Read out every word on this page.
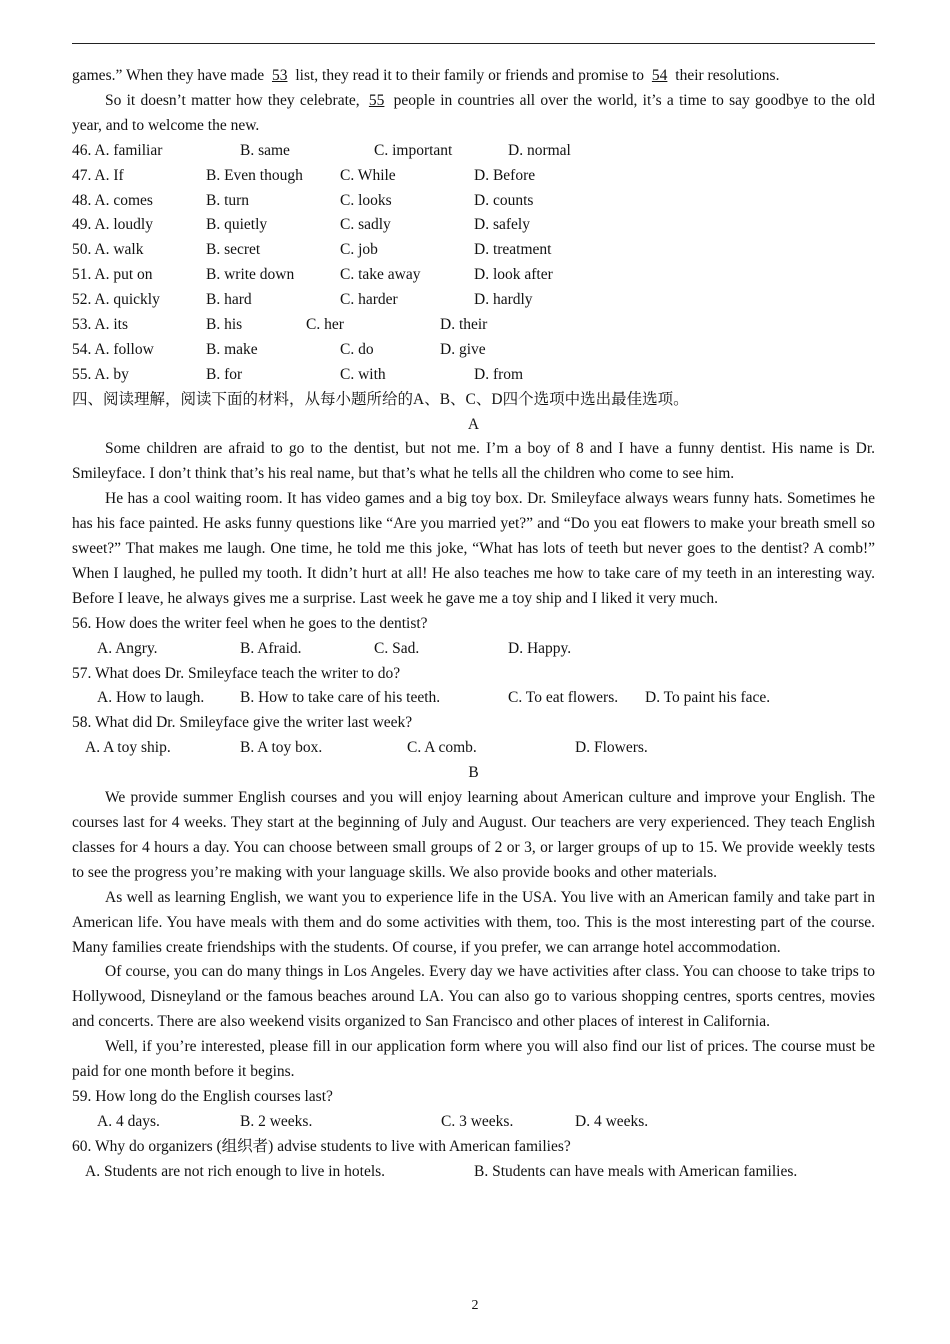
games.” When they have made 53 list, they read it to their family or friends and promise to 54 their resolutions.

So it doesn’t matter how they celebrate, 55 people in countries all over the world, it’s a time to say goodbye to the old year, and to welcome the new.

46. A. familiar	B. same	C. important	D. normal
47. A. If	B. Even though	C. While	D. Before
48. A. comes	B. turn	C. looks	D. counts
49. A. loudly	B. quietly	C. sadly	D. safely
50. A. walk	B. secret	C. job	D. treatment
51. A. put on	B. write down	C. take away	D. look after
52. A. quickly	B. hard	C. harder	D. hardly
53. A. its	B. his	C. her	D. their
54. A. follow	B. make	C. do	D. give
55. A. by	B. for	C. with	D. from

四、阅读理解，阅读下面的材料，从每小题所给的A、B、C、D四个选项中选出最佳选项。

A

Some children are afraid to go to the dentist, but not me. I’m a boy of 8 and I have a funny dentist. His name is Dr. Smileyface. I don’t think that’s his real name, but that’s what he tells all the children who come to see him.

He has a cool waiting room. It has video games and a big toy box. Dr. Smileyface always wears funny hats. Sometimes he has his face painted. He asks funny questions like “Are you married yet?” and “Do you eat flowers to make your breath smell so sweet?” That makes me laugh. One time, he told me this joke, “What has lots of teeth but never goes to the dentist? A comb!” When I laughed, he pulled my tooth. It didn’t hurt at all! He also teaches me how to take care of my teeth in an interesting way. Before I leave, he always gives me a surprise. Last week he gave me a toy ship and I liked it very much.

56. How does the writer feel when he goes to the dentist?

A. Angry.	B. Afraid.	C. Sad.	D. Happy.

57. What does Dr. Smileyface teach the writer to do?

A. How to laugh.	B. How to take care of his teeth.	C. To eat flowers.	D. To paint his face.

58. What did Dr. Smileyface give the writer last week?

A. A toy ship.	B. A toy box.	C. A comb.	D. Flowers.

B

We provide summer English courses and you will enjoy learning about American culture and improve your English. The courses last for 4 weeks. They start at the beginning of July and August. Our teachers are very experienced. They teach English classes for 4 hours a day. You can choose between small groups of 2 or 3, or larger groups of up to 15. We provide weekly tests to see the progress you’re making with your language skills. We also provide books and other materials.

As well as learning English, we want you to experience life in the USA. You live with an American family and take part in American life. You have meals with them and do some activities with them, too. This is the most interesting part of the course. Many families create friendships with the students. Of course, if you prefer, we can arrange hotel accommodation.

Of course, you can do many things in Los Angeles. Every day we have activities after class. You can choose to take trips to Hollywood, Disneyland or the famous beaches around LA. You can also go to various shopping centres, sports centres, movies and concerts. There are also weekend visits organized to San Francisco and other places of interest in California.

Well, if you’re interested, please fill in our application form where you will also find our list of prices. The course must be paid for one month before it begins.

59. How long do the English courses last?

A. 4 days.	B. 2 weeks.	C. 3 weeks.	D. 4 weeks.

60. Why do organizers (组织者) advise students to live with American families?

A. Students are not rich enough to live in hotels.	B. Students can have meals with American families.
2
